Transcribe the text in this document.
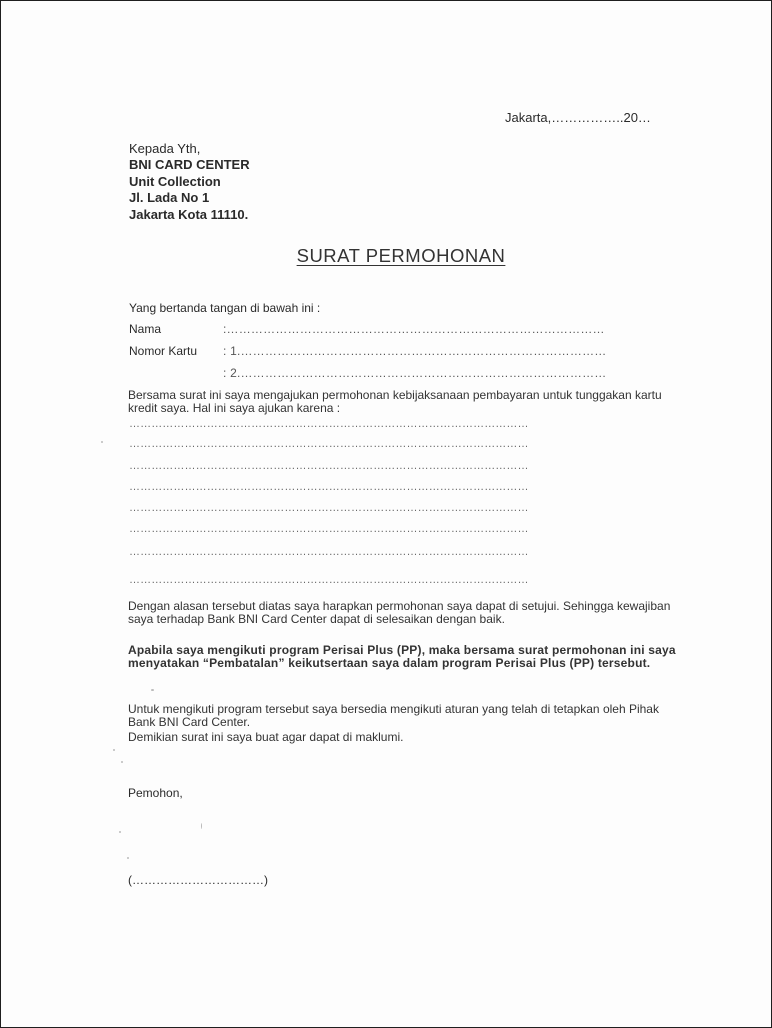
Jakarta,……………..20…
Kepada Yth,
BNI CARD CENTER
Unit Collection
Jl. Lada No 1
Jakarta Kota 11110.
SURAT PERMOHONAN
Yang bertanda tangan di bawah ini :
Nama	:…………………………………………………………………………………
Nomor Kartu : 1.………………………………………………………………………………
: 2.………………………………………………………………………………
Bersama surat ini saya mengajukan permohonan kebijaksanaan pembayaran untuk tunggakan kartu kredit saya. Hal ini saya ajukan karena :
………………………………………………………………………………………………
………………………………………………………………………………………………
………………………………………………………………………………………………
………………………………………………………………………………………………
………………………………………………………………………………………………
………………………………………………………………………………………………
………………………………………………………………………………………………
………………………………………………………………………………………………
Dengan alasan tersebut diatas saya harapkan permohonan saya dapat di setujui. Sehingga kewajiban saya terhadap Bank BNI Card Center dapat di selesaikan dengan baik.
Apabila saya mengikuti program Perisai Plus (PP), maka bersama surat permohonan ini saya menyatakan “Pembatalan” keikutsertaan saya dalam program Perisai Plus (PP) tersebut.
Untuk mengikuti program tersebut saya bersedia mengikuti aturan yang telah di tetapkan oleh Pihak Bank BNI Card Center.
Demikian surat ini saya buat agar dapat di maklumi.
Pemohon,
(……………………………)
